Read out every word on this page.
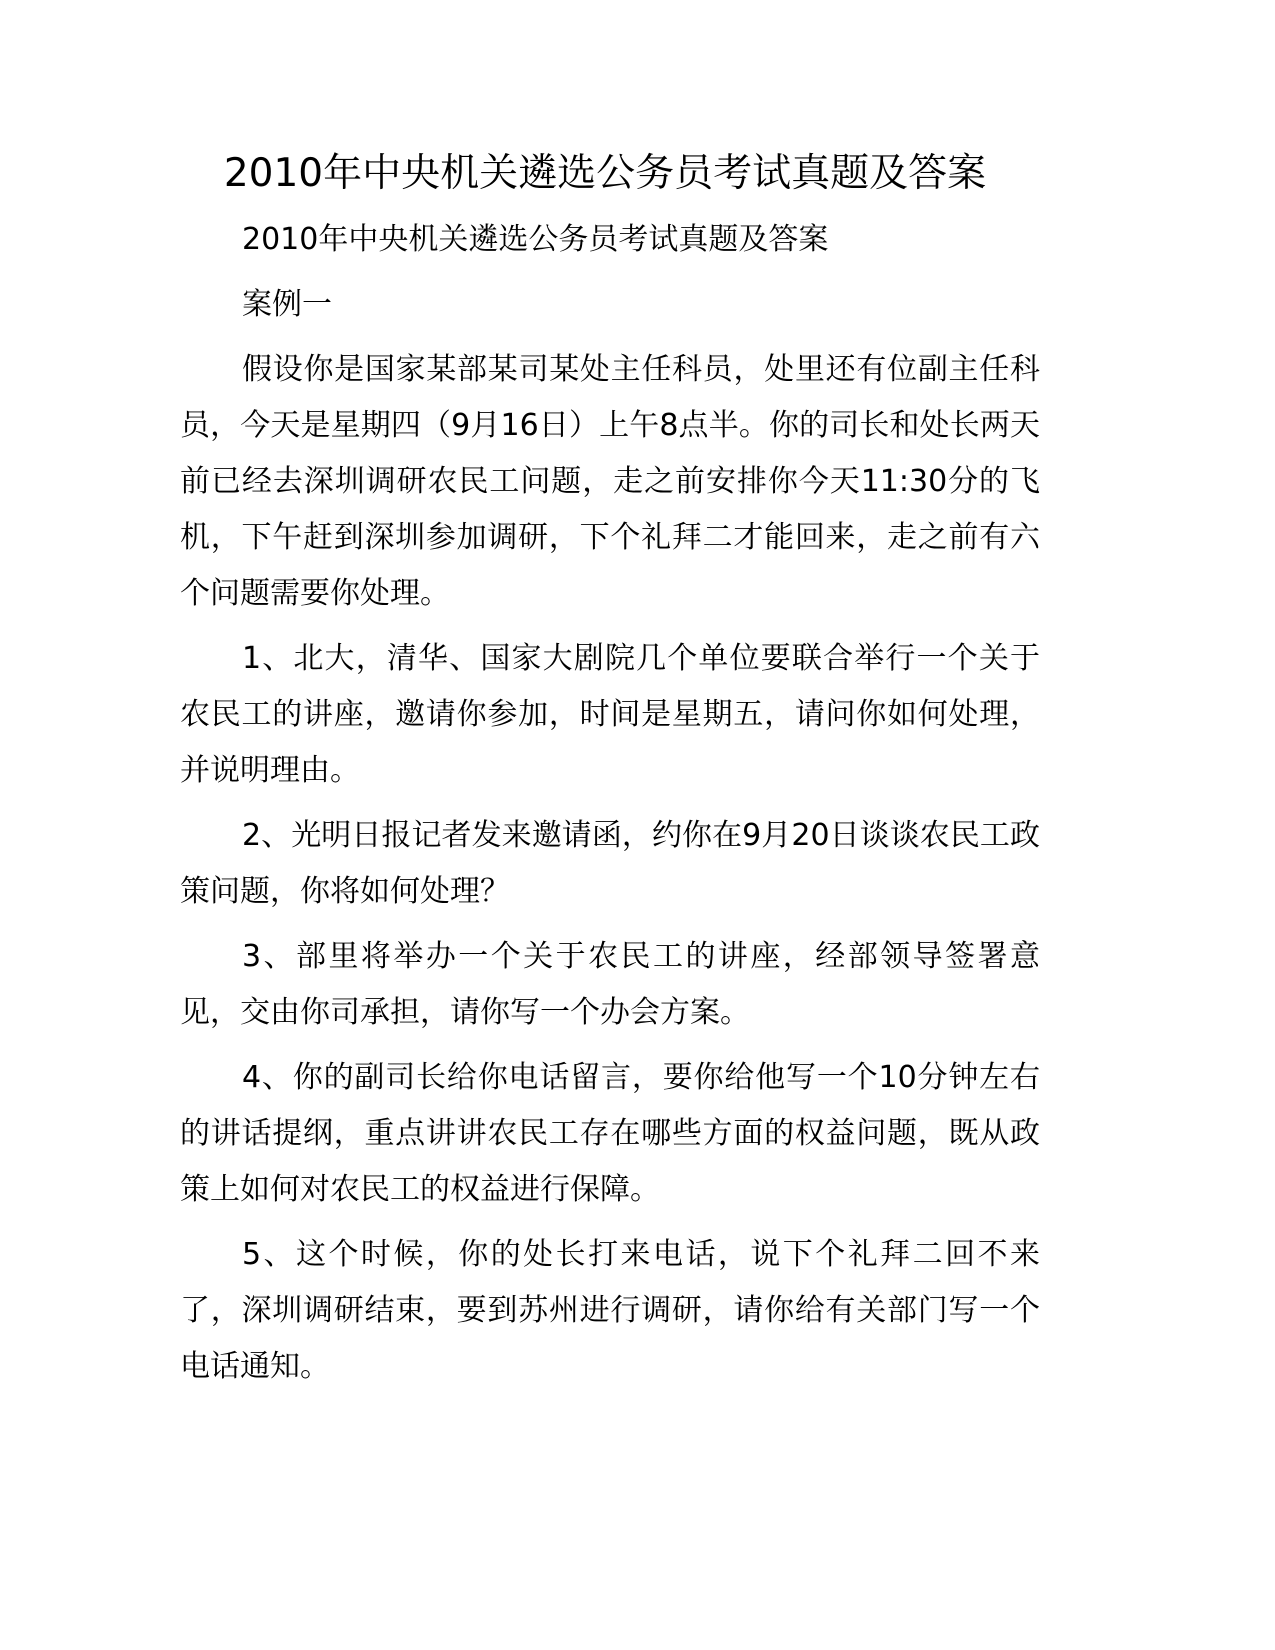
2010年中央机关遴选公务员考试真题及答案

2010年中央机关遴选公务员考试真题及答案

案例一

假设你是国家某部某司某处主任科员，处里还有位副主任科员，今天是星期四（9月16日）上午8点半。你的司长和处长两天前已经去深圳调研农民工问题，走之前安排你今天11:30分的飞机，下午赶到深圳参加调研，下个礼拜二才能回来，走之前有六个问题需要你处理。

1、北大，清华、国家大剧院几个单位要联合举行一个关于农民工的讲座，邀请你参加，时间是星期五，请问你如何处理，并说明理由。

2、光明日报记者发来邀请函，约你在9月20日谈谈农民工政策问题，你将如何处理？

3、部里将举办一个关于农民工的讲座，经部领导签署意见，交由你司承担，请你写一个办会方案。

4、你的副司长给你电话留言，要你给他写一个10分钟左右的讲话提纲，重点讲讲农民工存在哪些方面的权益问题，既从政策上如何对农民工的权益进行保障。

5、这个时候，你的处长打来电话，说下个礼拜二回不来了，深圳调研结束，要到苏州进行调研，请你给有关部门写一个电话通知。
